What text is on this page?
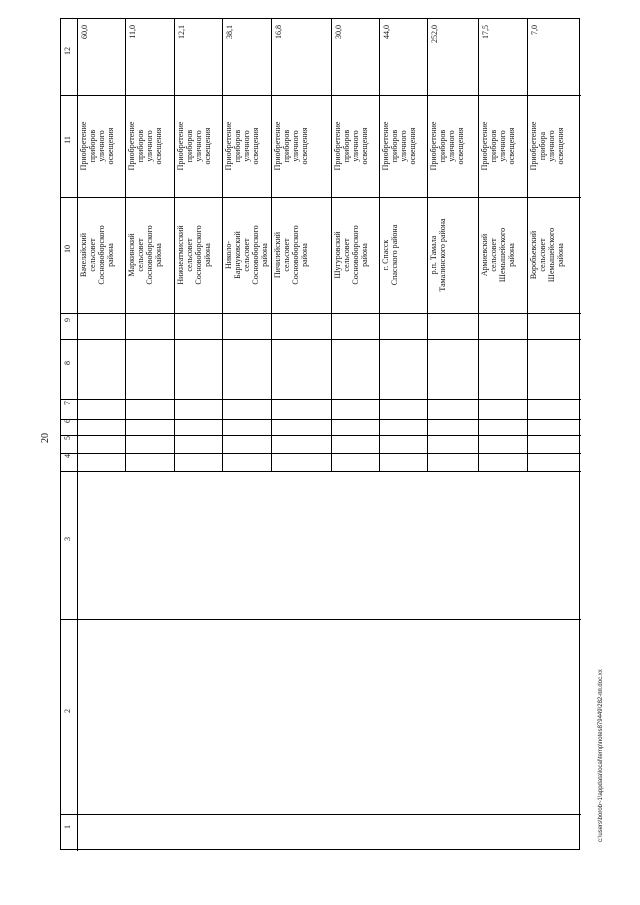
20
c:\users\borob~1\appdata\local\temp\notes879449\282-пп.doc.xx
12
11
10
9
8
7
6
5
4
3
2
1
60,0
Приобретение
приборов
уличного
освещения
Вачелайский
сельсовет
Сосновоборского
района
11,0
Приобретение
приборов
уличного
освещения
Маркинский
сельсовет
Сосновоборского
района
12,1
Приобретение
приборов
уличного
освещения
Нижнеатмисский
сельсовет
Сосновоборского
района
38,1
Приобретение
приборов
уличного
освещения
Николо-
Барнуковский
сельсовет
Сосновоборского
района
16,8
Приобретение
приборов
уличного
освещения
Пичилейский
сельсовет
Сосновоборского
района
30,0
Приобретение
приборов
уличного
освещения
Шугуровский
сельсовет
Сосновоборского
района
44,0
Приобретение
приборов
уличного
освещения
г. Спасск
Спасского района
252,0
Приобретение
приборов
уличного
освещения
р.п. Тамала
Тамалинского района
17,5
Приобретение
приборов
уличного
освещения
Армиевский
сельсовет
Шемышейского
района
7,0
Приобретение
прибора
уличного
освещения
Воробьевский
сельсовет
Шемышейского
района
